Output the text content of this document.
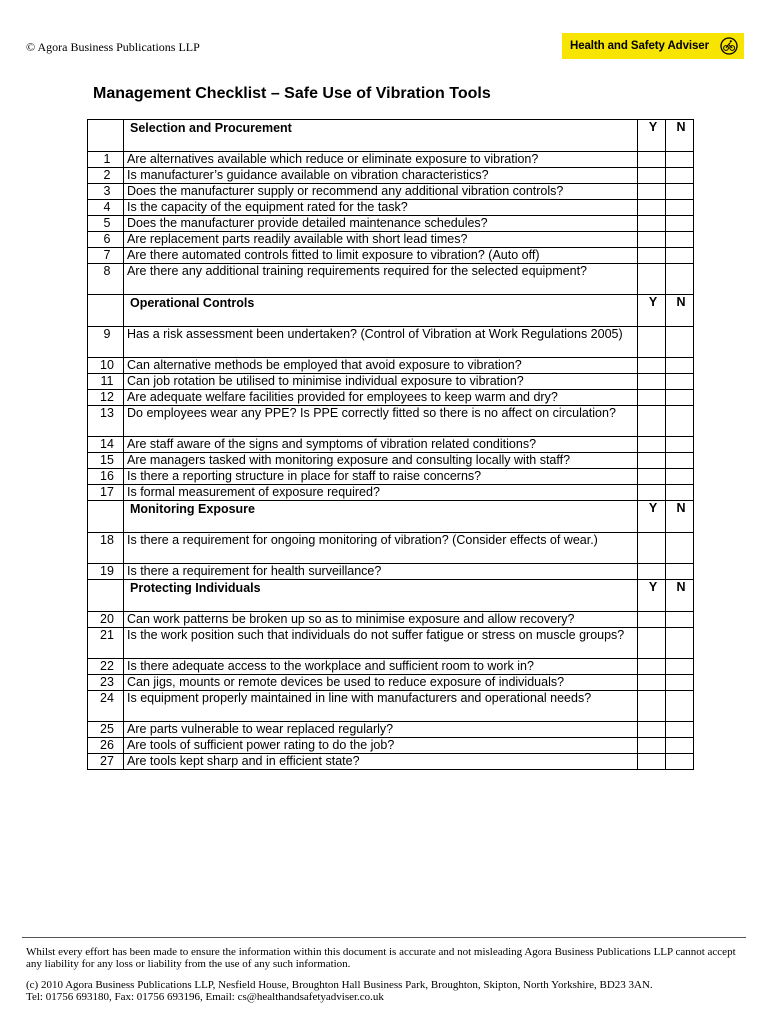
© Agora Business Publications LLP	Health and Safety Adviser
Management Checklist – Safe Use of Vibration Tools
	Selection and Procurement	Y	N
1	Are alternatives available which reduce or eliminate exposure to vibration?		
2	Is manufacturer’s guidance available on vibration characteristics?		
3	Does the manufacturer supply or recommend any additional vibration controls?		
4	Is the capacity of the equipment rated for the task?		
5	Does the manufacturer provide detailed maintenance schedules?		
6	Are replacement parts readily available with short lead times?		
7	Are there automated controls fitted to limit exposure to vibration? (Auto off)		
8	Are there any additional training requirements required for the selected equipment?		
	Operational Controls	Y	N
9	Has a risk assessment been undertaken? (Control of Vibration at Work Regulations 2005)		
10	Can alternative methods be employed that avoid exposure to vibration?		
11	Can job rotation be utilised to minimise individual exposure to vibration?		
12	Are adequate welfare facilities provided for employees to keep warm and dry?		
13	Do employees wear any PPE? Is PPE correctly fitted so there is no affect on circulation?		
14	Are staff aware of the signs and symptoms of vibration related conditions?		
15	Are managers tasked with monitoring exposure and consulting locally with staff?		
16	Is there a reporting structure in place for staff to raise concerns?		
17	Is formal measurement of exposure required?		
	Monitoring Exposure	Y	N
18	Is there a requirement for ongoing monitoring of vibration? (Consider effects of wear.)		
19	Is there a requirement for health surveillance?		
	Protecting Individuals	Y	N
20	Can work patterns be broken up so as to minimise exposure and allow recovery?		
21	Is the work position such that individuals do not suffer fatigue or stress on muscle groups?		
22	Is there adequate access to the workplace and sufficient room to work in?		
23	Can jigs, mounts or remote devices be used to reduce exposure of individuals?		
24	Is equipment properly maintained in line with manufacturers and operational needs?		
25	Are parts vulnerable to wear replaced regularly?		
26	Are tools of sufficient power rating to do the job?		
27	Are tools kept sharp and in efficient state?		
Whilst every effort has been made to ensure the information within this document is accurate and not misleading Agora Business Publications LLP cannot accept any liability for any loss or liability from the use of any such information.
(c) 2010 Agora Business Publications LLP, Nesfield House, Broughton Hall Business Park, Broughton, Skipton, North Yorkshire, BD23 3AN.
Tel: 01756 693180, Fax: 01756 693196, Email: cs@healthandsafetyadviser.co.uk
